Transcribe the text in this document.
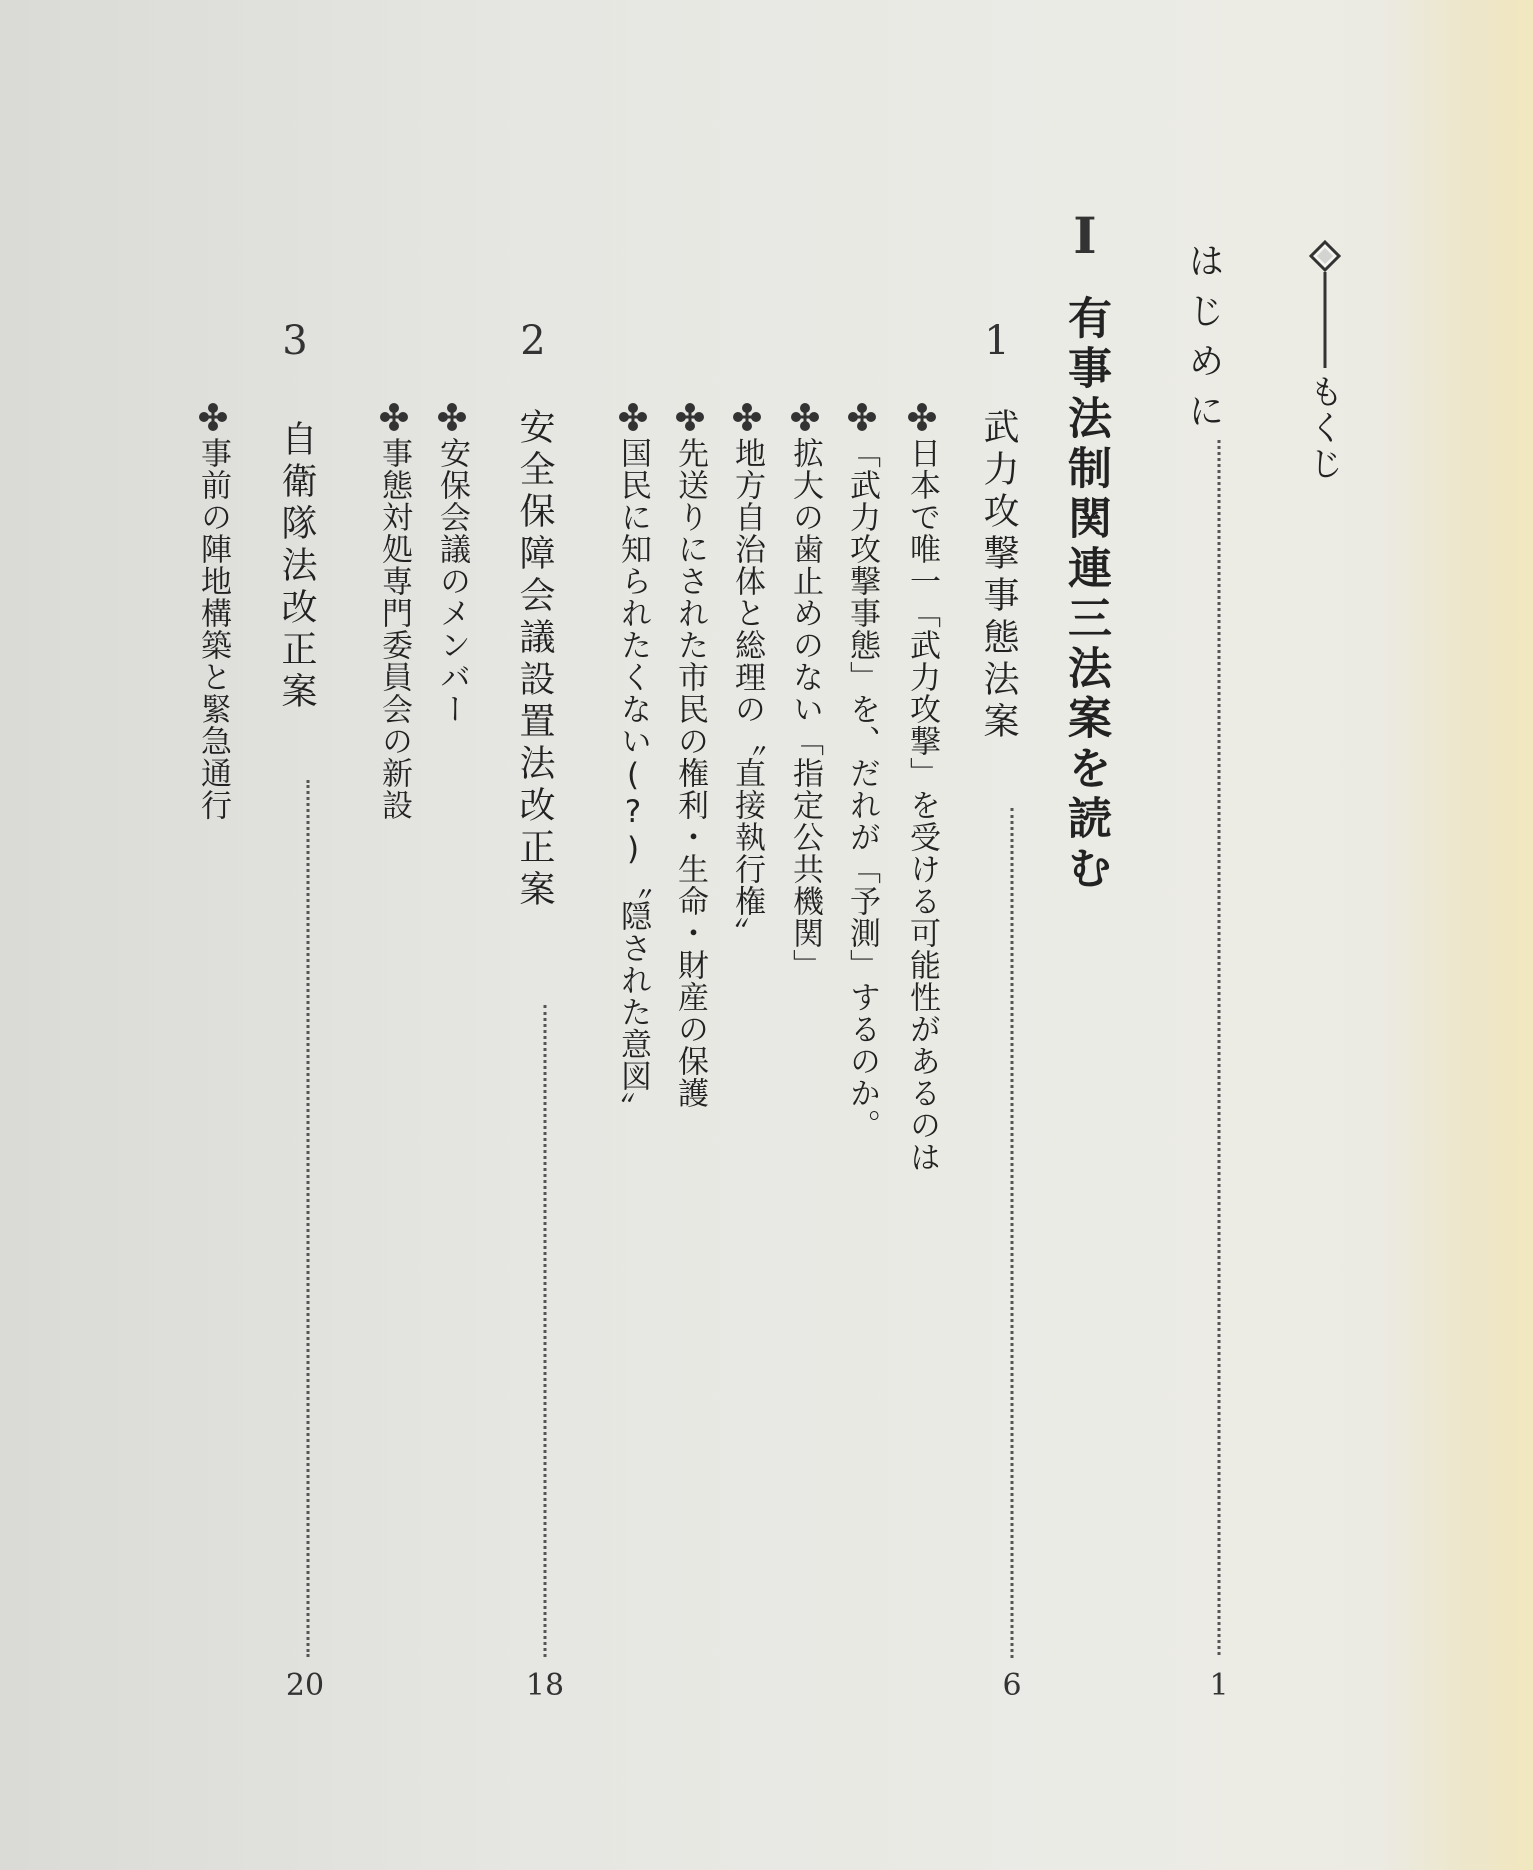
もくじ
はじめに
1
I
有事法制関連三法案を読む
1
武力攻撃事態法案
6
日本で唯一「武力攻撃」を受ける可能性があるのは
「武力攻撃事態」を、だれが「予測」するのか。
拡大の歯止めのない「指定公共機関」
地方自治体と総理の〝直接執行権〟
先送りにされた市民の権利・生命・財産の保護
国民に知られたくない(?)〝隠された意図〟
2
安全保障会議設置法改正案
18
安保会議のメンバー
事態対処専門委員会の新設
3
自衛隊法改正案
20
事前の陣地構築と緊急通行
